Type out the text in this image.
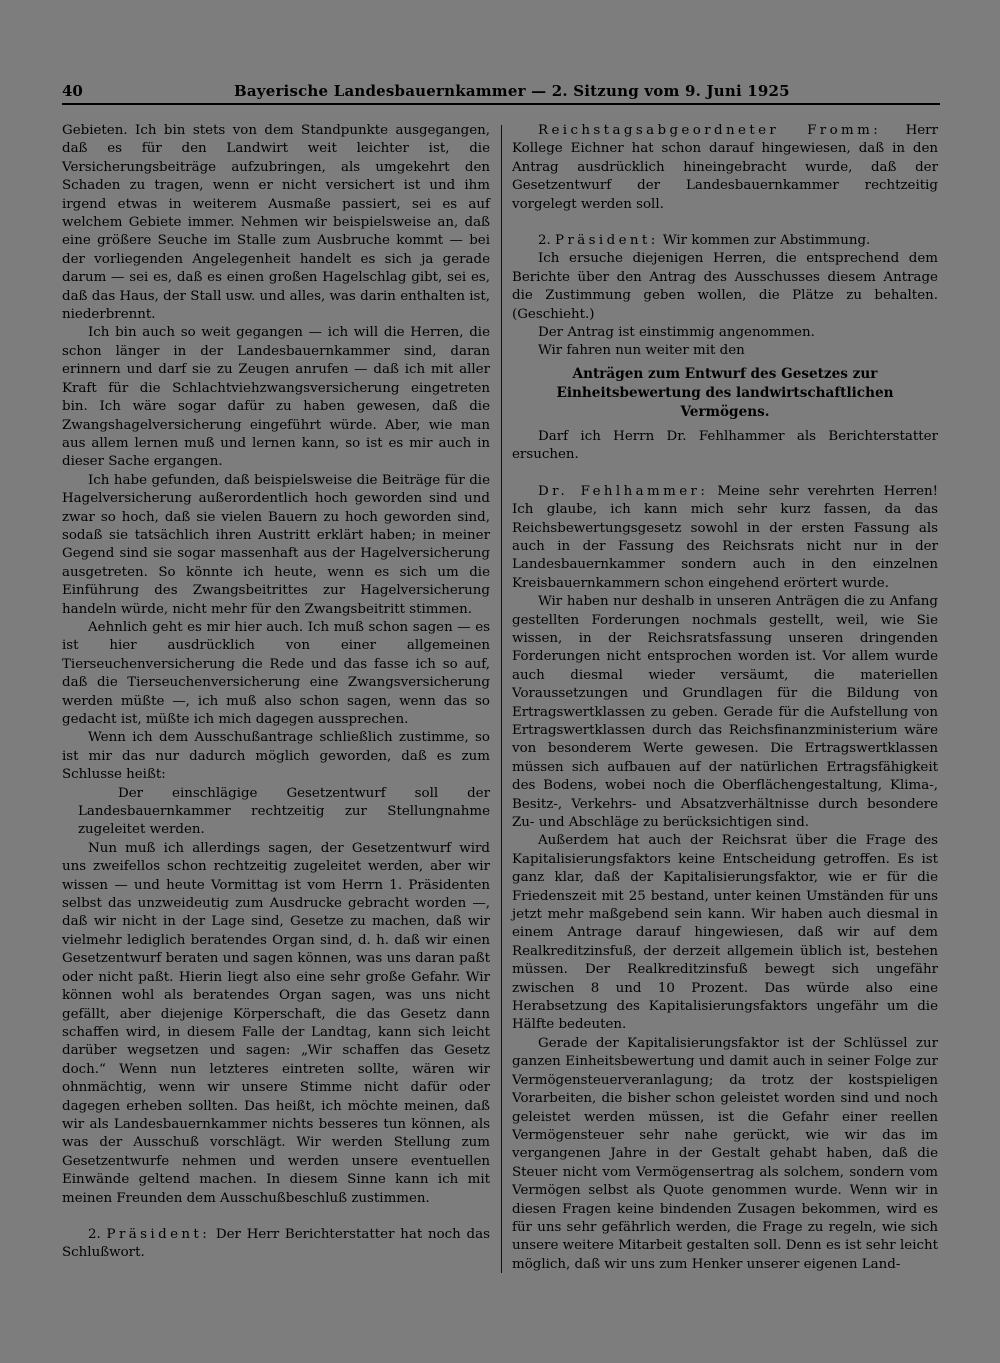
40	Bayerische Landesbauernkammer — 2. Sitzung vom 9. Juni 1925

Gebieten. Ich bin stets von dem Standpunkte ausgegangen, daß es für den Landwirt weit leichter ist, die Versicherungsbeiträge aufzubringen, als umgekehrt den Schaden zu tragen, wenn er nicht versichert ist und ihm irgend etwas in weiterem Ausmaße passiert, sei es auf welchem Gebiete immer. Nehmen wir beispielsweise an, daß eine größere Seuche im Stalle zum Ausbruche kommt — bei der vorliegenden Angelegenheit handelt es sich ja gerade darum — sei es, daß es einen großen Hagelschlag gibt, sei es, daß das Haus, der Stall usw. und alles, was darin enthalten ist, niederbrennt.

Ich bin auch so weit gegangen — ich will die Herren, die schon länger in der Landesbauernkammer sind, daran erinnern und darf sie zu Zeugen anrufen — daß ich mit aller Kraft für die Schlachtviehzwangsversicherung eingetreten bin. Ich wäre sogar dafür zu haben gewesen, daß die Zwangshagelversicherung eingeführt würde. Aber, wie man aus allem lernen muß und lernen kann, so ist es mir auch in dieser Sache ergangen.

Ich habe gefunden, daß beispielsweise die Beiträge für die Hagelversicherung außerordentlich hoch geworden sind und zwar so hoch, daß sie vielen Bauern zu hoch geworden sind, sodaß sie tatsächlich ihren Austritt erklärt haben; in meiner Gegend sind sie sogar massenhaft aus der Hagelversicherung ausgetreten. So könnte ich heute, wenn es sich um die Einführung des Zwangsbeitrittes zur Hagelversicherung handeln würde, nicht mehr für den Zwangsbeitritt stimmen.

Aehnlich geht es mir hier auch. Ich muß schon sagen — es ist hier ausdrücklich von einer allgemeinen Tierseuchenversicherung die Rede und das fasse ich so auf, daß die Tierseuchenversicherung eine Zwangsversicherung werden müßte —, ich muß also schon sagen, wenn das so gedacht ist, müßte ich mich dagegen aussprechen.

Wenn ich dem Ausschußantrage schließlich zustimme, so ist mir das nur dadurch möglich geworden, daß es zum Schlusse heißt:

Der einschlägige Gesetzentwurf soll der Landesbauernkammer rechtzeitig zur Stellungnahme zugeleitet werden.

Nun muß ich allerdings sagen, der Gesetzentwurf wird uns zweifellos schon rechtzeitig zugeleitet werden, aber wir wissen — und heute Vormittag ist vom Herrn 1. Präsidenten selbst das unzweideutig zum Ausdrucke gebracht worden —, daß wir nicht in der Lage sind, Gesetze zu machen, daß wir vielmehr lediglich beratendes Organ sind, d. h. daß wir einen Gesetzentwurf beraten und sagen können, was uns daran paßt oder nicht paßt. Hierin liegt also eine sehr große Gefahr. Wir können wohl als beratendes Organ sagen, was uns nicht gefällt, aber diejenige Körperschaft, die das Gesetz dann schaffen wird, in diesem Falle der Landtag, kann sich leicht darüber wegsetzen und sagen: „Wir schaffen das Gesetz doch.“ Wenn nun letzteres eintreten sollte, wären wir ohnmächtig, wenn wir unsere Stimme nicht dafür oder dagegen erheben sollten. Das heißt, ich möchte meinen, daß wir als Landesbauernkammer nichts besseres tun können, als was der Ausschuß vorschlägt. Wir werden Stellung zum Gesetzentwurfe nehmen und werden unsere eventuellen Einwände geltend machen. In diesem Sinne kann ich mit meinen Freunden dem Ausschußbeschluß zustimmen.

2. Präsident: Der Herr Berichterstatter hat noch das Schlußwort.

Reichstagsabgeordneter Fromm: Herr Kollege Eichner hat schon darauf hingewiesen, daß in den Antrag ausdrücklich hineingebracht wurde, daß der Gesetzentwurf der Landesbauernkammer rechtzeitig vorgelegt werden soll.

2. Präsident: Wir kommen zur Abstimmung.

Ich ersuche diejenigen Herren, die entsprechend dem Berichte über den Antrag des Ausschusses diesem Antrage die Zustimmung geben wollen, die Plätze zu behalten. (Geschieht.)

Der Antrag ist einstimmig angenommen.

Wir fahren nun weiter mit den

Anträgen zum Entwurf des Gesetzes zur Einheitsbewertung des landwirtschaftlichen Vermögens.

Darf ich Herrn Dr. Fehlhammer als Berichterstatter ersuchen.

Dr. Fehlhammer: Meine sehr verehrten Herren! Ich glaube, ich kann mich sehr kurz fassen, da das Reichsbewertungsgesetz sowohl in der ersten Fassung als auch in der Fassung des Reichsrats nicht nur in der Landesbauernkammer sondern auch in den einzelnen Kreisbauernkammern schon eingehend erörtert wurde.

Wir haben nur deshalb in unseren Anträgen die zu Anfang gestellten Forderungen nochmals gestellt, weil, wie Sie wissen, in der Reichsratsfassung unseren dringenden Forderungen nicht entsprochen worden ist. Vor allem wurde auch diesmal wieder versäumt, die materiellen Voraussetzungen und Grundlagen für die Bildung von Ertragswertklassen zu geben. Gerade für die Aufstellung von Ertragswertklassen durch das Reichsfinanzministerium wäre von besonderem Werte gewesen. Die Ertragswertklassen müssen sich aufbauen auf der natürlichen Ertragsfähigkeit des Bodens, wobei noch die Oberflächengestaltung, Klima-, Besitz-, Verkehrs- und Absatzverhältnisse durch besondere Zu- und Abschläge zu berücksichtigen sind.

Außerdem hat auch der Reichsrat über die Frage des Kapitalisierungsfaktors keine Entscheidung getroffen. Es ist ganz klar, daß der Kapitalisierungsfaktor, wie er für die Friedenszeit mit 25 bestand, unter keinen Umständen für uns jetzt mehr maßgebend sein kann. Wir haben auch diesmal in einem Antrage darauf hingewiesen, daß wir auf dem Realkreditzinsfuß, der derzeit allgemein üblich ist, bestehen müssen. Der Realkreditzinsfuß bewegt sich ungefähr zwischen 8 und 10 Prozent. Das würde also eine Herabsetzung des Kapitalisierungsfaktors ungefähr um die Hälfte bedeuten.

Gerade der Kapitalisierungsfaktor ist der Schlüssel zur ganzen Einheitsbewertung und damit auch in seiner Folge zur Vermögensteuerveranlagung; da trotz der kostspieligen Vorarbeiten, die bisher schon geleistet worden sind und noch geleistet werden müssen, ist die Gefahr einer reellen Vermögensteuer sehr nahe gerückt, wie wir das im vergangenen Jahre in der Gestalt gehabt haben, daß die Steuer nicht vom Vermögensertrag als solchem, sondern vom Vermögen selbst als Quote genommen wurde. Wenn wir in diesen Fragen keine bindenden Zusagen bekommen, wird es für uns sehr gefährlich werden, die Frage zu regeln, wie sich unsere weitere Mitarbeit gestalten soll. Denn es ist sehr leicht möglich, daß wir uns zum Henker unserer eigenen Land-
